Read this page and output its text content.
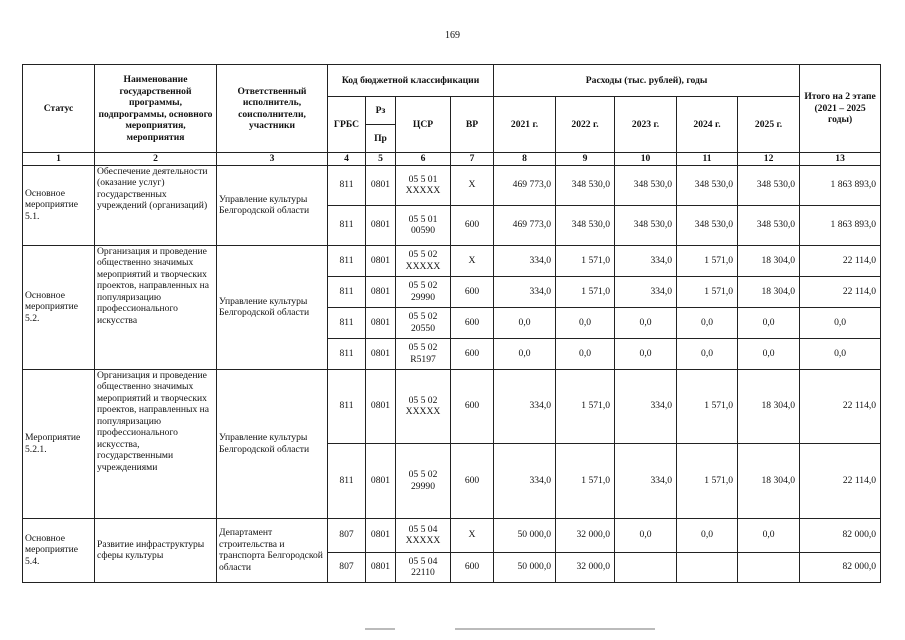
169
Статус	Наименование государственной программы, подпрограммы, основного мероприятия, мероприятия	Ответственный исполнитель, соисполнители, участники	Код бюджетной классификации				Расходы (тыс. рублей), годы					Итого на 2 этапе (2021 – 2025 годы)
			ГРБС	Рз	ЦСР	ВР	2021 г.	2022 г.	2023 г.	2024 г.	2025 г.	
				Пр								
1	2	3	4	5	6	7	8	9	10	11	12	13
Основное мероприятие 5.1.	Обеспечение деятельности (оказание услуг) государственных учреждений (организаций)	Управление культуры Белгородской области	811	0801	05 5 01 ХХХХХ	Х	469 773,0	348 530,0	348 530,0	348 530,0	348 530,0	1 863 893,0
			811	0801	05 5 01 00590	600	469 773,0	348 530,0	348 530,0	348 530,0	348 530,0	1 863 893,0
Основное мероприятие 5.2.	Организация и проведение общественно значимых мероприятий и творческих проектов, направленных на популяризацию профессионального искусства	Управление культуры Белгородской области	811	0801	05 5 02 ХХХХХ	Х	334,0	1 571,0	334,0	1 571,0	18 304,0	22 114,0
			811	0801	05 5 02 29990	600	334,0	1 571,0	334,0	1 571,0	18 304,0	22 114,0
			811	0801	05 5 02 20550	600	0,0	0,0	0,0	0,0	0,0	0,0
			811	0801	05 5 02 R5197	600	0,0	0,0	0,0	0,0	0,0	0,0
Мероприятие 5.2.1.	Организация и проведение общественно значимых мероприятий и творческих проектов, направленных на популяризацию профессионального искусства, государственными учреждениями	Управление культуры Белгородской области	811	0801	05 5 02 ХХХХХ	600	334,0	1 571,0	334,0	1 571,0	18 304,0	22 114,0
			811	0801	05 5 02 29990	600	334,0	1 571,0	334,0	1 571,0	18 304,0	22 114,0
Основное мероприятие 5.4.	Развитие инфраструктуры сферы культуры	Департамент строительства и транспорта Белгородской области	807	0801	05 5 04 ХХХХХ	Х	50 000,0	32 000,0	0,0	0,0	0,0	82 000,0
			807	0801	05 5 04 22110	600	50 000,0	32 000,0				82 000,0
